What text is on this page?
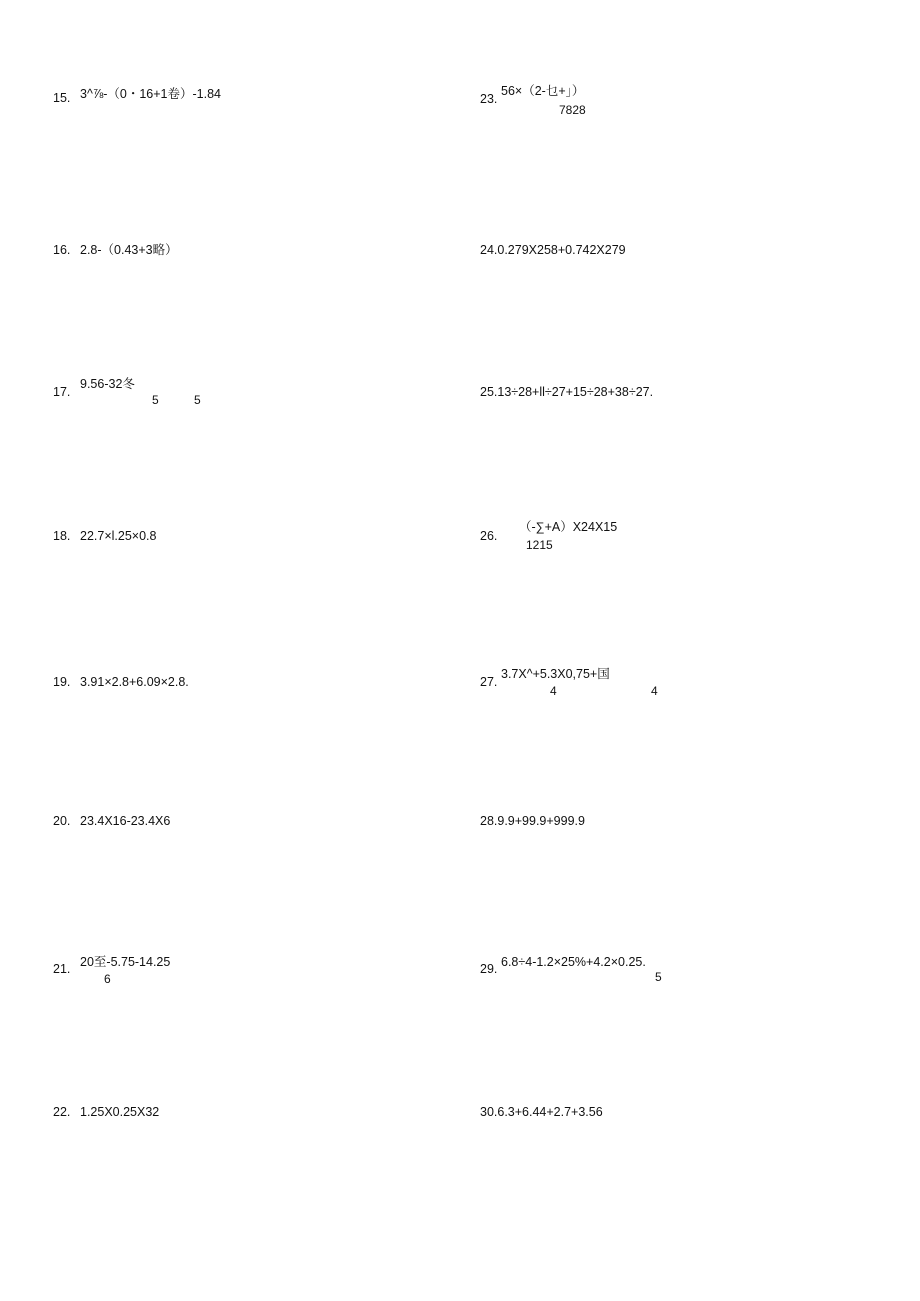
15. 3^⅞-（0・16+1卷）-1.84
16. 2.8-（0.43+3略）
17.
9.56-32冬
5	5
18. 22.7×l.25×0.8
19. 3.91×2.8+6.09×2.8.
20. 23.4X16-23.4X6
21. 20至-5.75-14.25
6
22. 1.25X0.25X32
23.
56×（2-乜+」）
7828
24.0.279X258+0.742X279
25.13÷28+ll÷27+15÷28+38÷27.
26.
（-∑+A）X24X15
1215
27.
3.7X^+5.3X0,75+国
4	4
28.9.9+99.9+999.9
29. 6.8÷4-1.2×25%+4.2×0.25.
5
30.6.3+6.44+2.7+3.56
